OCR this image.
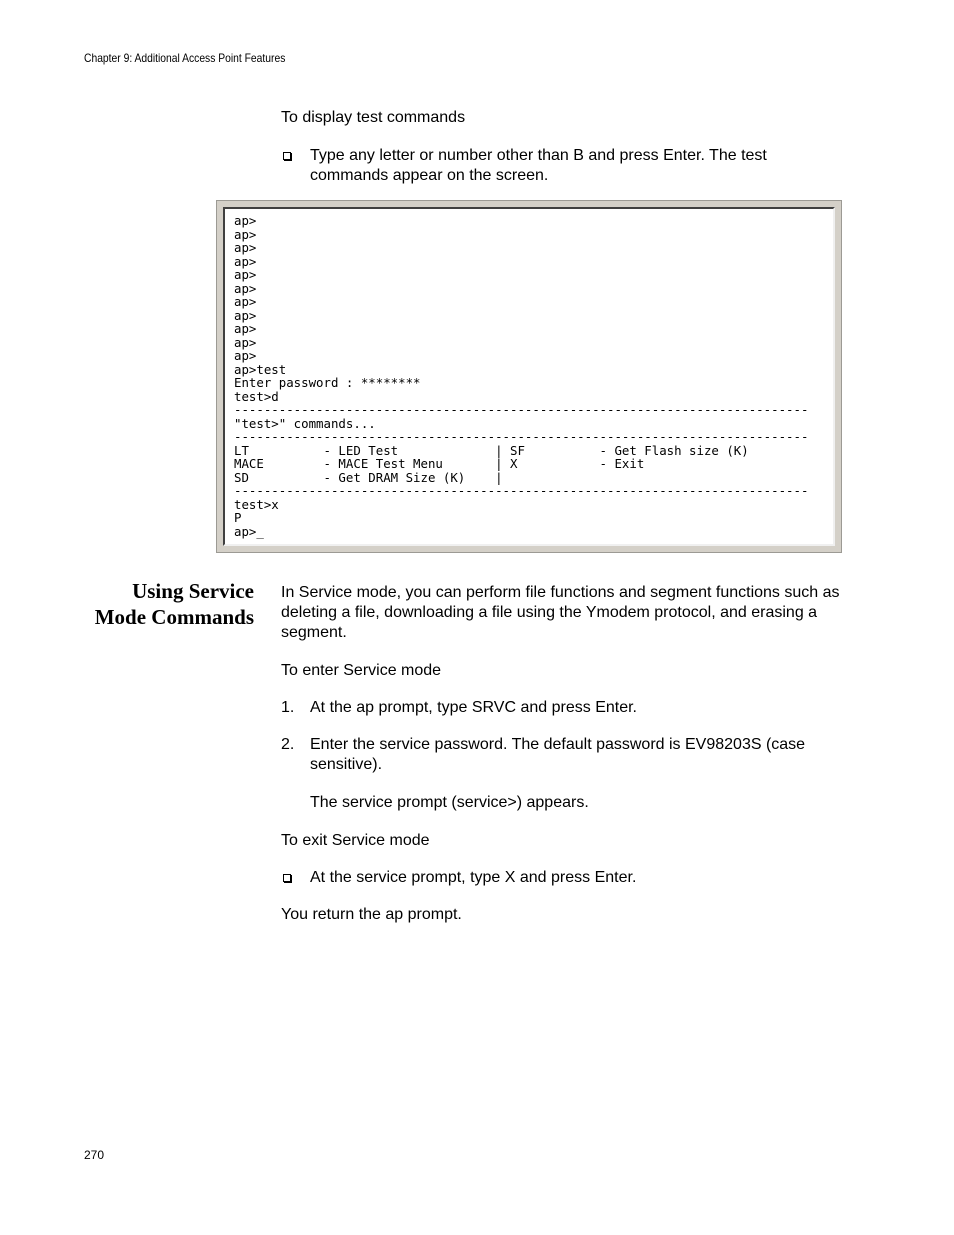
Chapter 9: Additional Access Point Features

To display test commands

Type any letter or number other than B and press Enter. The test commands appear on the screen.
ap>
ap>
ap>
ap>
ap>
ap>
ap>
ap>
ap>
ap>
ap>
ap>test
Enter password : ********
test>d
-----------------------------------------------------------------------------
"test>" commands...
-----------------------------------------------------------------------------
LT          - LED Test             | SF          - Get Flash size (K)
MACE        - MACE Test Menu       | X           - Exit
SD          - Get DRAM Size (K)    |
-----------------------------------------------------------------------------
test>x
P
ap>_
Using Service
Mode Commands

In Service mode, you can perform file functions and segment functions such as deleting a file, downloading a file using the Ymodem protocol, and erasing a segment.

To enter Service mode

1. At the ap prompt, type SRVC and press Enter.
2. Enter the service password. The default password is EV98203S (case sensitive).

The service prompt (service>) appears.

To exit Service mode

At the service prompt, type X and press Enter.

You return the ap prompt.

270
